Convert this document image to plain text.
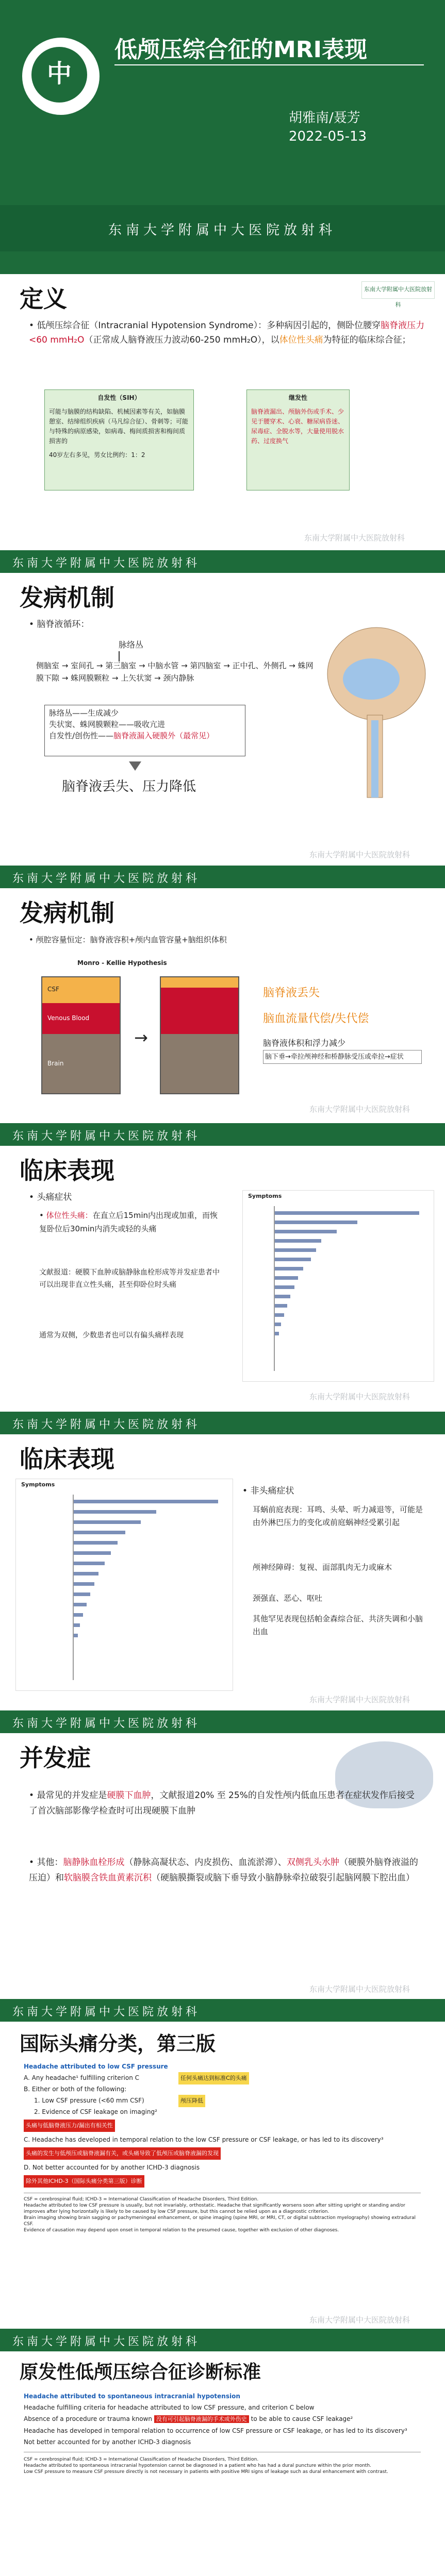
中
低颅压综合征的MRI表现
胡雅南/聂芳
2022-05-13
东南大学附属中大医院放射科
定义	东南大学附属中大医院放射科
• 低颅压综合征（Intracranial Hypotension Syndrome）：多种病因引起的，侧卧位腰穿脑脊液压力<60 mmH₂O（正常成人脑脊液压力波动60-250 mmH₂O），以体位性头痛为特征的临床综合征；
自发性（SIH）
可能与脑膜的结构缺陷、机械因素等有关，如脑膜憩室、结缔组织疾病（马凡综合征）、骨刺等；可能与特殊的病原感染，如病毒、梅间质损害和梅间质损害的
40岁左右多见，男女比例约：1：2
继发性
脑脊液漏出、颅脑外伤或手术、少见于腰穿术、心衰、糖尿病昏迷、尿毒症、全脱水等，大量使用脱水药、过度换气
东南大学附属中大医院放射科
东南大学附属中大医院放射科
发病机制
• 脑脊液循环：
脉络丛
侧脑室 → 室间孔 → 第三脑室 → 中脑水管 → 第四脑室 → 正中孔、外侧孔 → 蛛网膜下隙 → 蛛网膜颗粒 → 上矢状窦 → 颈内静脉
脉络丛——生成减少
失状窦、蛛网膜颗粒——吸收亢进
自发性/创伤性——脑脊液漏入硬膜外（最常见）
脑脊液丢失、压力降低
东南大学附属中大医院放射科
东南大学附属中大医院放射科
发病机制
• 颅腔容量恒定：脑脊液容积+颅内血管容量+脑组织体积
Monro - Kellie Hypothesis
CSF
Venous Blood
Brain
→
脑脊液丢失
脑血流量代偿/失代偿
脑脊液体积和浮力减少
脑下垂→牵拉颅神经和桥静脉受压或牵拉→症状
东南大学附属中大医院放射科
东南大学附属中大医院放射科
临床表现
• 头痛症状
• 体位性头痛：在直立后15min内出现或加重，而恢复卧位后30min内消失或轻的头痛
文献报道：硬膜下血肿或脑静脉血栓形成等并发症患者中可以出现非直立性头痛，甚至仰卧位时头痛
通常为双侧，少数患者也可以有偏头痛样表现
Symptoms
东南大学附属中大医院放射科
东南大学附属中大医院放射科
临床表现
Symptoms
• 非头痛症状
耳蜗前庭表现：耳鸣、头晕、听力减退等，可能是由外淋巴压力的变化或前庭蜗神经受累引起
颅神经障碍：复视、面部肌肉无力或麻木
颈强直、恶心、呕吐
其他罕见表现包括帕金森综合征、共济失调和小脑出血
东南大学附属中大医院放射科
东南大学附属中大医院放射科
并发症
• 最常见的并发症是硬膜下血肿，文献报道20% 至 25%的自发性颅内低血压患者在症状发作后接受了首次脑部影像学检查时可出现硬膜下血肿
• 其他：脑静脉血栓形成（静脉高凝状态、内皮损伤、血流淤滞）、双侧乳头水肿（硬膜外脑脊液溢的压迫）和软脑膜含铁血黄素沉积（硬脑膜撕裂或脑下垂导致小脑静脉牵拉破裂引起脑网膜下腔出血）
东南大学附属中大医院放射科
东南大学附属中大医院放射科
国际头痛分类，第三版
Headache attributed to low CSF pressure
A. Any headache¹ fulfilling criterion C	任何头痛达到标准C的头痛
B. Either or both of the following:
1. Low CSF pressure (<60 mm CSF)	颅压降低
2. Evidence of CSF leakage on imaging²
头痛与低脑脊液压力/漏出有相关性
C. Headache has developed in temporal relation to the low CSF pressure or CSF leakage, or has led to its discovery³
头痛的发生与低颅压或脑脊液漏有关，或头痛导致了低颅压或脑脊液漏的发现
D. Not better accounted for by another ICHD-3 diagnosis
除外其他ICHD-3（国际头痛分类第三版）诊断
CSF = cerebrospinal fluid; ICHD-3 = International Classification of Headache Disorders, Third Edition.
Headache attributed to low CSF pressure is usually, but not invariably, orthostatic. Headache that significantly worsens soon after sitting upright or standing and/or improves after lying horizontally is likely to be caused by low CSF pressure, but this cannot be relied upon as a diagnostic criterion.
Brain imaging showing brain sagging or pachymeningeal enhancement, or spine imaging (spine MRI, or MRI, CT, or digital subtraction myelography) showing extradural CSF.
Evidence of causation may depend upon onset in temporal relation to the presumed cause, together with exclusion of other diagnoses.
东南大学附属中大医院放射科
东南大学附属中大医院放射科
原发性低颅压综合征诊断标准
Headache attributed to spontaneous intracranial hypotension
Headache fulfilling criteria for headache attributed to low CSF pressure, and criterion C below
Absence of a procedure or trauma known 没有可引起脑脊液漏的手术或外伤史 to be able to cause CSF leakage²
Headache has developed in temporal relation to occurrence of low CSF pressure or CSF leakage, or has led to its discovery³
Not better accounted for by another ICHD-3 diagnosis
CSF = cerebrospinal fluid; ICHD-3 = International Classification of Headache Disorders, Third Edition.
Headache attributed to spontaneous intracranial hypotension cannot be diagnosed in a patient who has had a dural puncture within the prior month.
Low CSF pressure to measure CSF pressure directly is not necessary in patients with positive MRI signs of leakage such as dural enhancement with contrast.
